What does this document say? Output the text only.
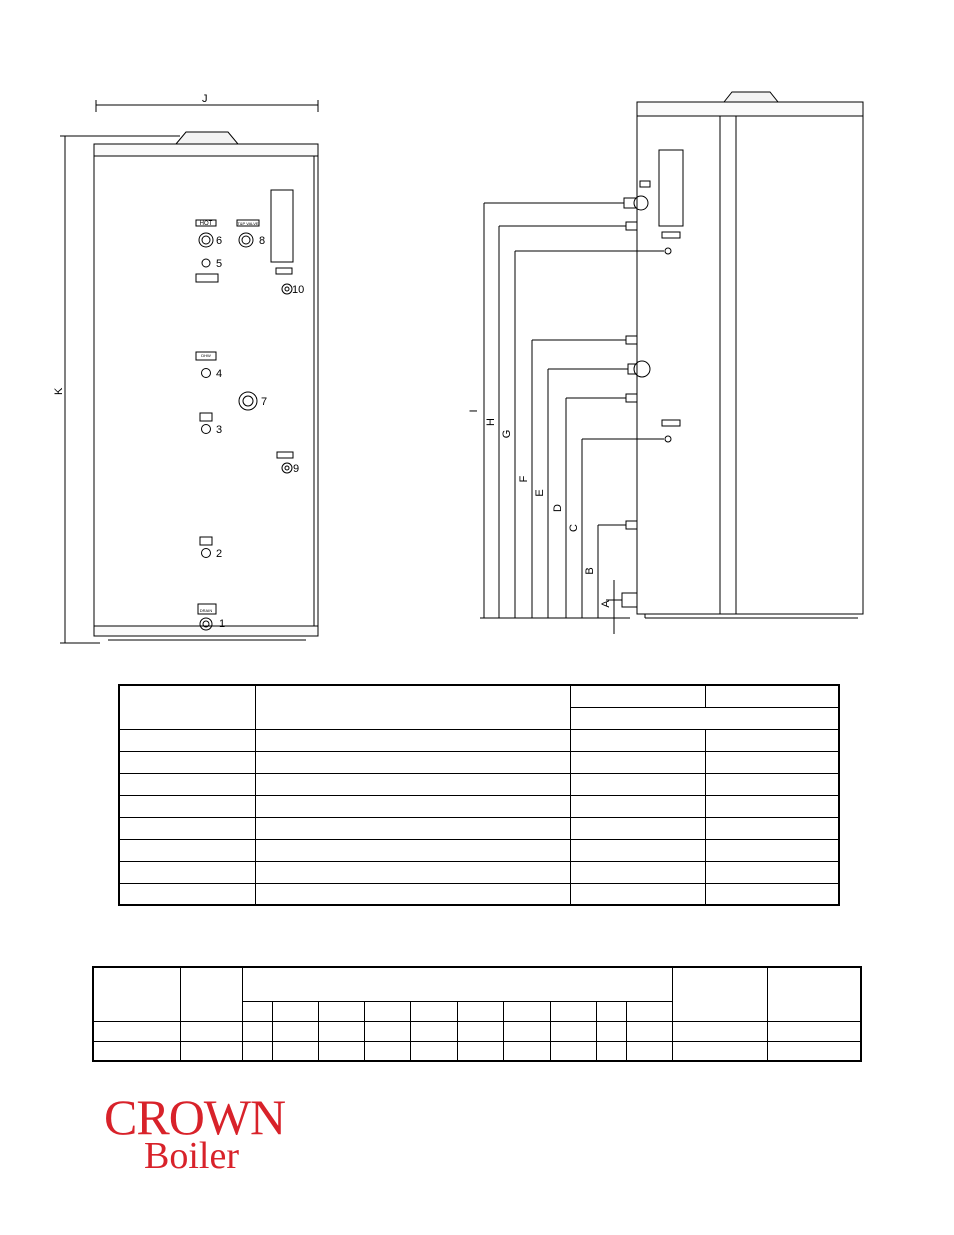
HOT	T&P VALVE
DHW
DRAIN
J
K
1
2
3
4
5
6
7
8
9
10
I
H
G
F
E
D
C
B
A

CROWN
Boiler
